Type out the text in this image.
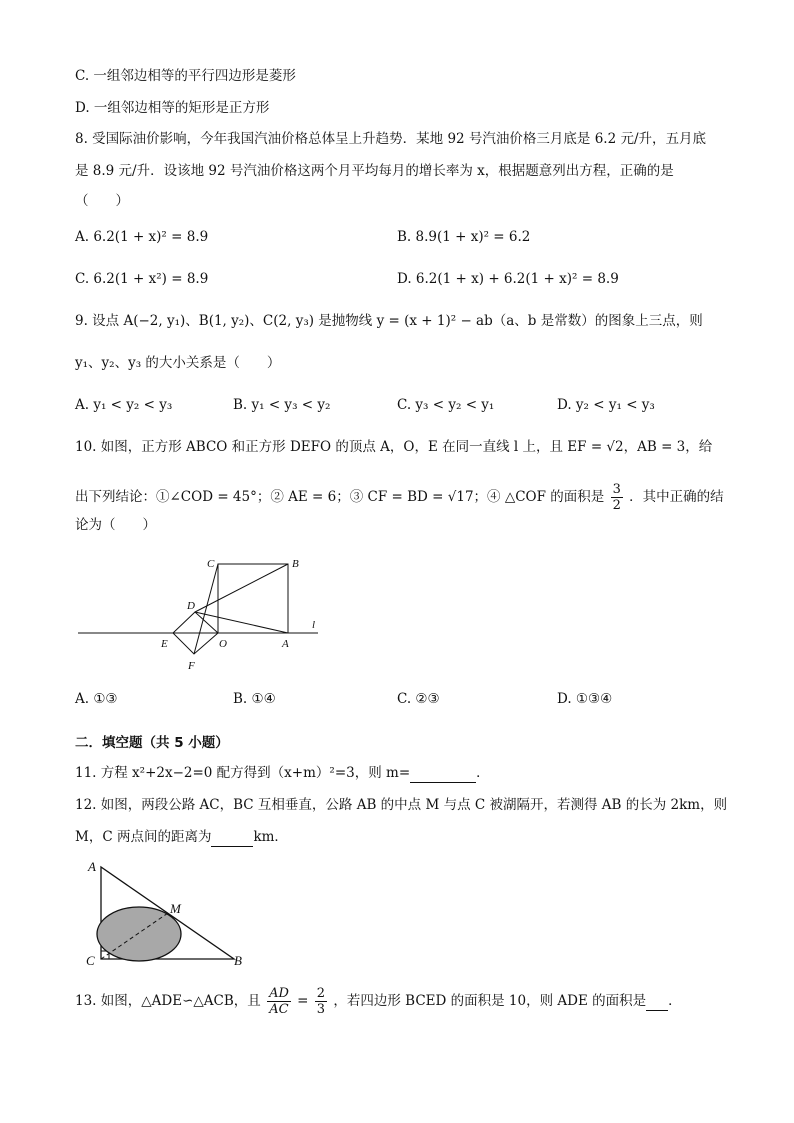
C. 一组邻边相等的平行四边形是菱形
D. 一组邻边相等的矩形是正方形
8. 受国际油价影响，今年我国汽油价格总体呈上升趋势．某地 92 号汽油价格三月底是 6.2 元/升，五月底
是 8.9 元/升．设该地 92 号汽油价格这两个月平均每月的增长率为 x，根据题意列出方程，正确的是
（　　）
A. 6.2(1 + x)² = 8.9	B. 8.9(1 + x)² = 6.2
C. 6.2(1 + x²) = 8.9	D. 6.2(1 + x) + 6.2(1 + x)² = 8.9
9. 设点 A(−2, y₁)、B(1, y₂)、C(2, y₃) 是抛物线 y = (x + 1)² − ab（a、b 是常数）的图象上三点，则
y₁、y₂、y₃ 的大小关系是（　　）
A. y₁ < y₂ < y₃	B. y₁ < y₃ < y₂	C. y₃ < y₂ < y₁	D. y₂ < y₁ < y₃
10. 如图，正方形 ABCO 和正方形 DEFO 的顶点 A，O，E 在同一直线 l 上，且 EF = √2，AB = 3，给
出下列结论：①∠COD = 45°；② AE = 6；③ CF = BD = √17；④ △COF 的面积是 $\frac{3}{2}$ ．其中正确的结
论为（　　）
C	B
D
E	O	A
F
l
A. ①③	B. ①④	C. ②③	D. ①③④
二．填空题（共 5 小题）
11. 方程 x²+2x−2=0 配方得到（x+m）²=3，则 m=	．
12. 如图，两段公路 AC，BC 互相垂直，公路 AB 的中点 M 与点 C 被湖隔开，若测得 AB 的长为 2km，则
M，C 两点间的距离为	km．
A
M
C	B
13. 如图，△ADE∽△ACB，且 $\frac{AD}{AC} = \frac{2}{3}$ ，若四边形 BCED 的面积是 10，则 ADE 的面积是 ．
